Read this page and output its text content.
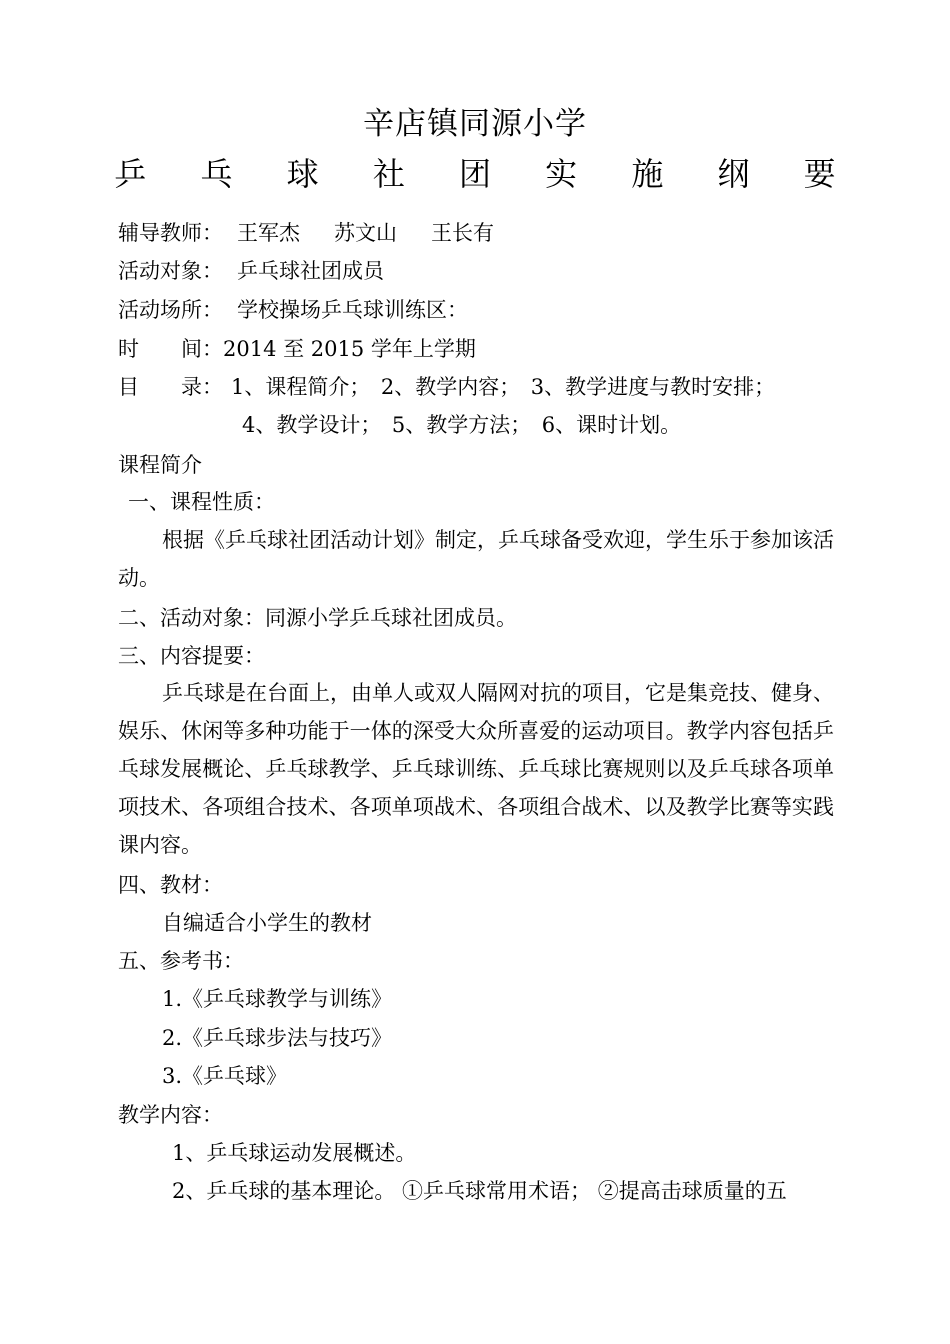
辛店镇同源小学
乒 乓 球 社 团 实 施 纲 要
辅导教师： 王军杰 苏文山 王长有
活动对象： 乒乓球社团成员
活动场所： 学校操场乒乓球训练区：
时　　间：2014 至 2015 学年上学期
目　　录： 1、课程简介；　2、教学内容；　3、教学进度与教时安排；
4、教学设计；　5、教学方法；　6、课时计划。
课程简介
一、课程性质：
根据《乒乓球社团活动计划》制定，乒乓球备受欢迎，学生乐于参加该活动。
二、活动对象：同源小学乒乓球社团成员。
三、内容提要：
乒乓球是在台面上，由单人或双人隔网对抗的项目，它是集竞技、健身、娱乐、休闲等多种功能于一体的深受大众所喜爱的运动项目。教学内容包括乒乓球发展概论、乒乓球教学、乒乓球训练、乒乓球比赛规则以及乒乓球各项单项技术、各项组合技术、各项单项战术、各项组合战术、以及教学比赛等实践课内容。
四、教材：
自编适合小学生的教材
五、参考书：
1.《乒乓球教学与训练》
2.《乒乓球步法与技巧》
3.《乒乓球》
教学内容：
1、乒乓球运动发展概述。
2、乒乓球的基本理论。 ①乒乓球常用术语； ②提高击球质量的五
